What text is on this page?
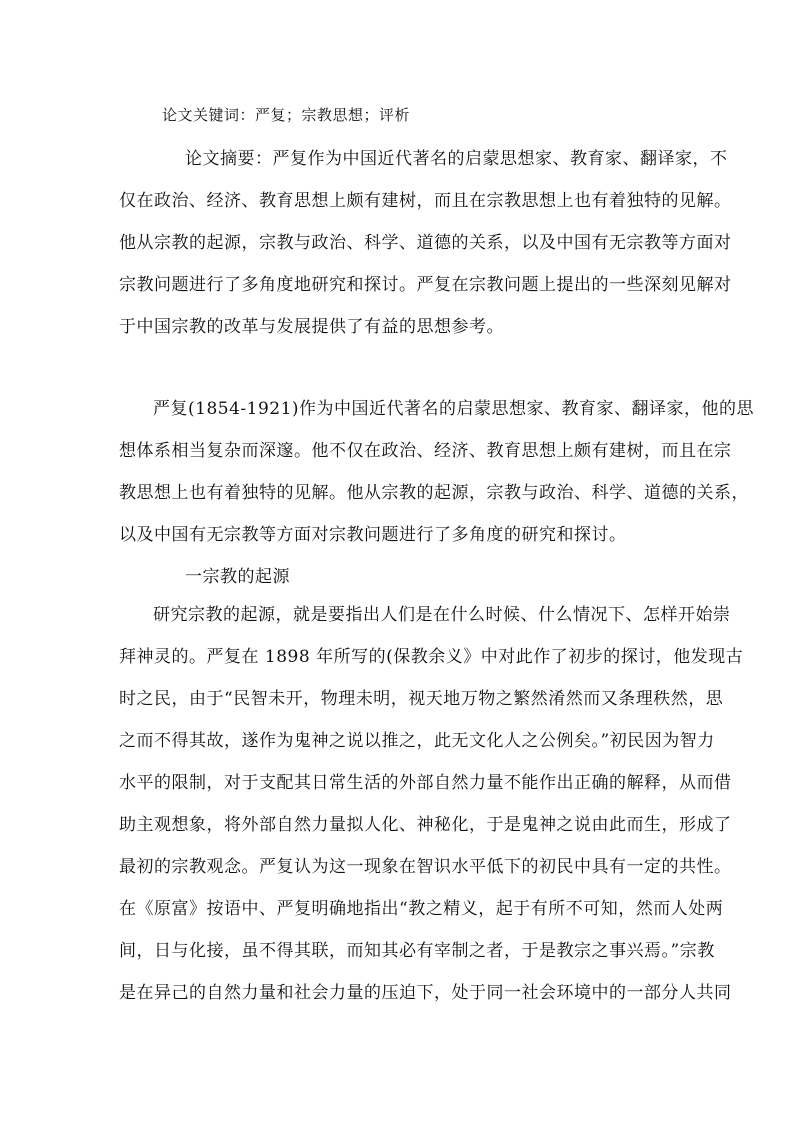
论文关键词：严复；宗教思想；评析
论文摘要：严复作为中国近代著名的启蒙思想家、教育家、翻译家，不
仅在政治、经济、教育思想上颇有建树，而且在宗教思想上也有着独特的见解。
他从宗教的起源，宗教与政治、科学、道德的关系，以及中国有无宗教等方面对
宗教问题进行了多角度地研究和探讨。严复在宗教问题上提出的一些深刻见解对
于中国宗教的改革与发展提供了有益的思想参考。
严复(1854-1921)作为中国近代著名的启蒙思想家、教育家、翻译家，他的思
想体系相当复杂而深邃。他不仅在政治、经济、教育思想上颇有建树，而且在宗
教思想上也有着独特的见解。他从宗教的起源，宗教与政治、科学、道德的关系，
以及中国有无宗教等方面对宗教问题进行了多角度的研究和探讨。
一宗教的起源
研究宗教的起源，就是要指出人们是在什么时候、什么情况下、怎样开始崇
拜神灵的。严复在 1898 年所写的(保教余义》中对此作了初步的探讨，他发现古
时之民，由于“民智未开，物理未明，视天地万物之繁然淆然而又条理秩然，思
之而不得其故，遂作为鬼神之说以推之，此无文化人之公例矣。”初民因为智力
水平的限制，对于支配其日常生活的外部自然力量不能作出正确的解释，从而借
助主观想象，将外部自然力量拟人化、神秘化，于是鬼神之说由此而生，形成了
最初的宗教观念。严复认为这一现象在智识水平低下的初民中具有一定的共性。
在《原富》按语中、严复明确地指出“教之精义，起于有所不可知，然而人处两
间，日与化接，虽不得其联，而知其必有宰制之者，于是教宗之事兴焉。”宗教
是在异己的自然力量和社会力量的压迫下，处于同一社会环境中的一部分人共同
